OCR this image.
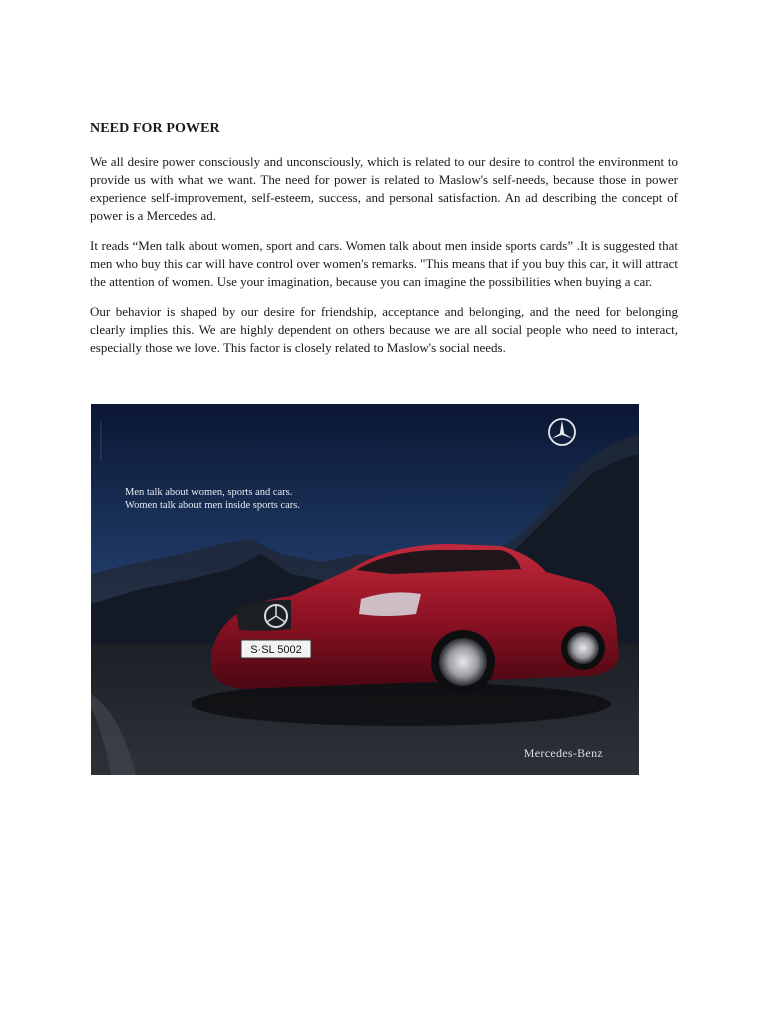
NEED FOR POWER

We all desire power consciously and unconsciously, which is related to our desire to control the environment to provide us with what we want. The need for power is related to Maslow's self-needs, because those in power experience self-improvement, self-esteem, success, and personal satisfaction. An ad describing the concept of power is a Mercedes ad.

It reads “Men talk about women, sport and cars. Women talk about men inside sports cards” .It is suggested that men who buy this car will have control over women's remarks. "This means that if you buy this car, it will attract the attention of women. Use your imagination, because you can imagine the possibilities when buying a car.

Our behavior is shaped by our desire for friendship, acceptance and belonging, and the need for belonging clearly implies this. We are highly dependent on others because we are all social people who need to interact, especially those we love. This factor is closely related to Maslow's social needs.

S·SL 5002
Men talk about women, sports and cars.
Women talk about men inside sports cars.
Mercedes-Benz
